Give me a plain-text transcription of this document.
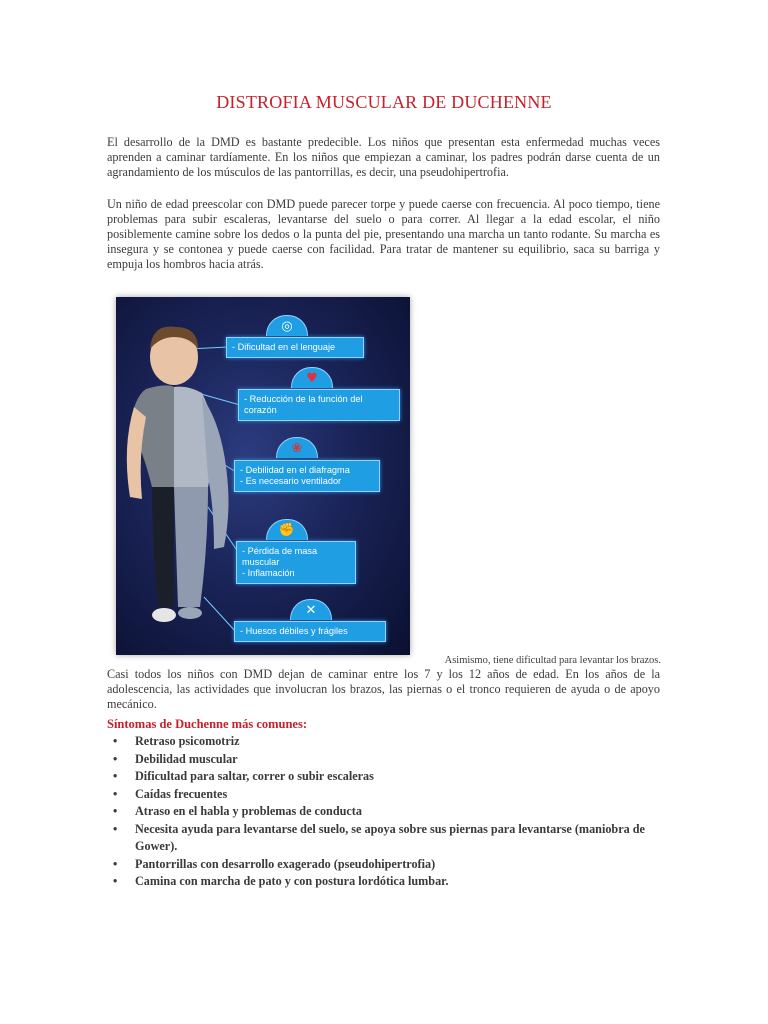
DISTROFIA MUSCULAR DE DUCHENNE

El desarrollo de la DMD es bastante predecible. Los niños que presentan esta enfermedad muchas veces aprenden a caminar tardíamente. En los niños que empiezan a caminar, los padres podrán darse cuenta de un agrandamiento de los músculos de las pantorrillas, es decir, una pseudohipertrofia.

Un niño de edad preescolar con DMD puede parecer torpe y puede caerse con frecuencia. Al poco tiempo, tiene problemas para subir escaleras, levantarse del suelo o para correr. Al llegar a la edad escolar, el niño posiblemente camine sobre los dedos o la punta del pie, presentando una marcha un tanto rodante. Su marcha es insegura y se contonea y puede caerse con facilidad. Para tratar de mantener su equilibrio, saca su barriga y empuja los hombros hacia atrás.

◎
- Dificultad en el lenguaje
♥
- Reducción de la función del
corazón
❀
- Debilidad en el diafragma
- Es necesario ventilador
✊
- Pérdida de masa
muscular
- Inflamación
✕
- Huesos débiles y frágiles
Asimismo, tiene dificultad para levantar los brazos.

Casi todos los niños con DMD dejan de caminar entre los 7 y los 12 años de edad. En los años de la adolescencia, las actividades que involucran los brazos, las piernas o el tronco requieren de ayuda o de apoyo mecánico.

Síntomas de Duchenne más comunes:
• Retraso psicomotriz
• Debilidad muscular
• Dificultad para saltar, correr o subir escaleras
• Caídas frecuentes
• Atraso en el habla y problemas de conducta
• Necesita ayuda para levantarse del suelo, se apoya sobre sus piernas para levantarse (maniobra de Gower).
• Pantorrillas con desarrollo exagerado (pseudohipertrofia)
• Camina con marcha de pato y con postura lordótica lumbar.
